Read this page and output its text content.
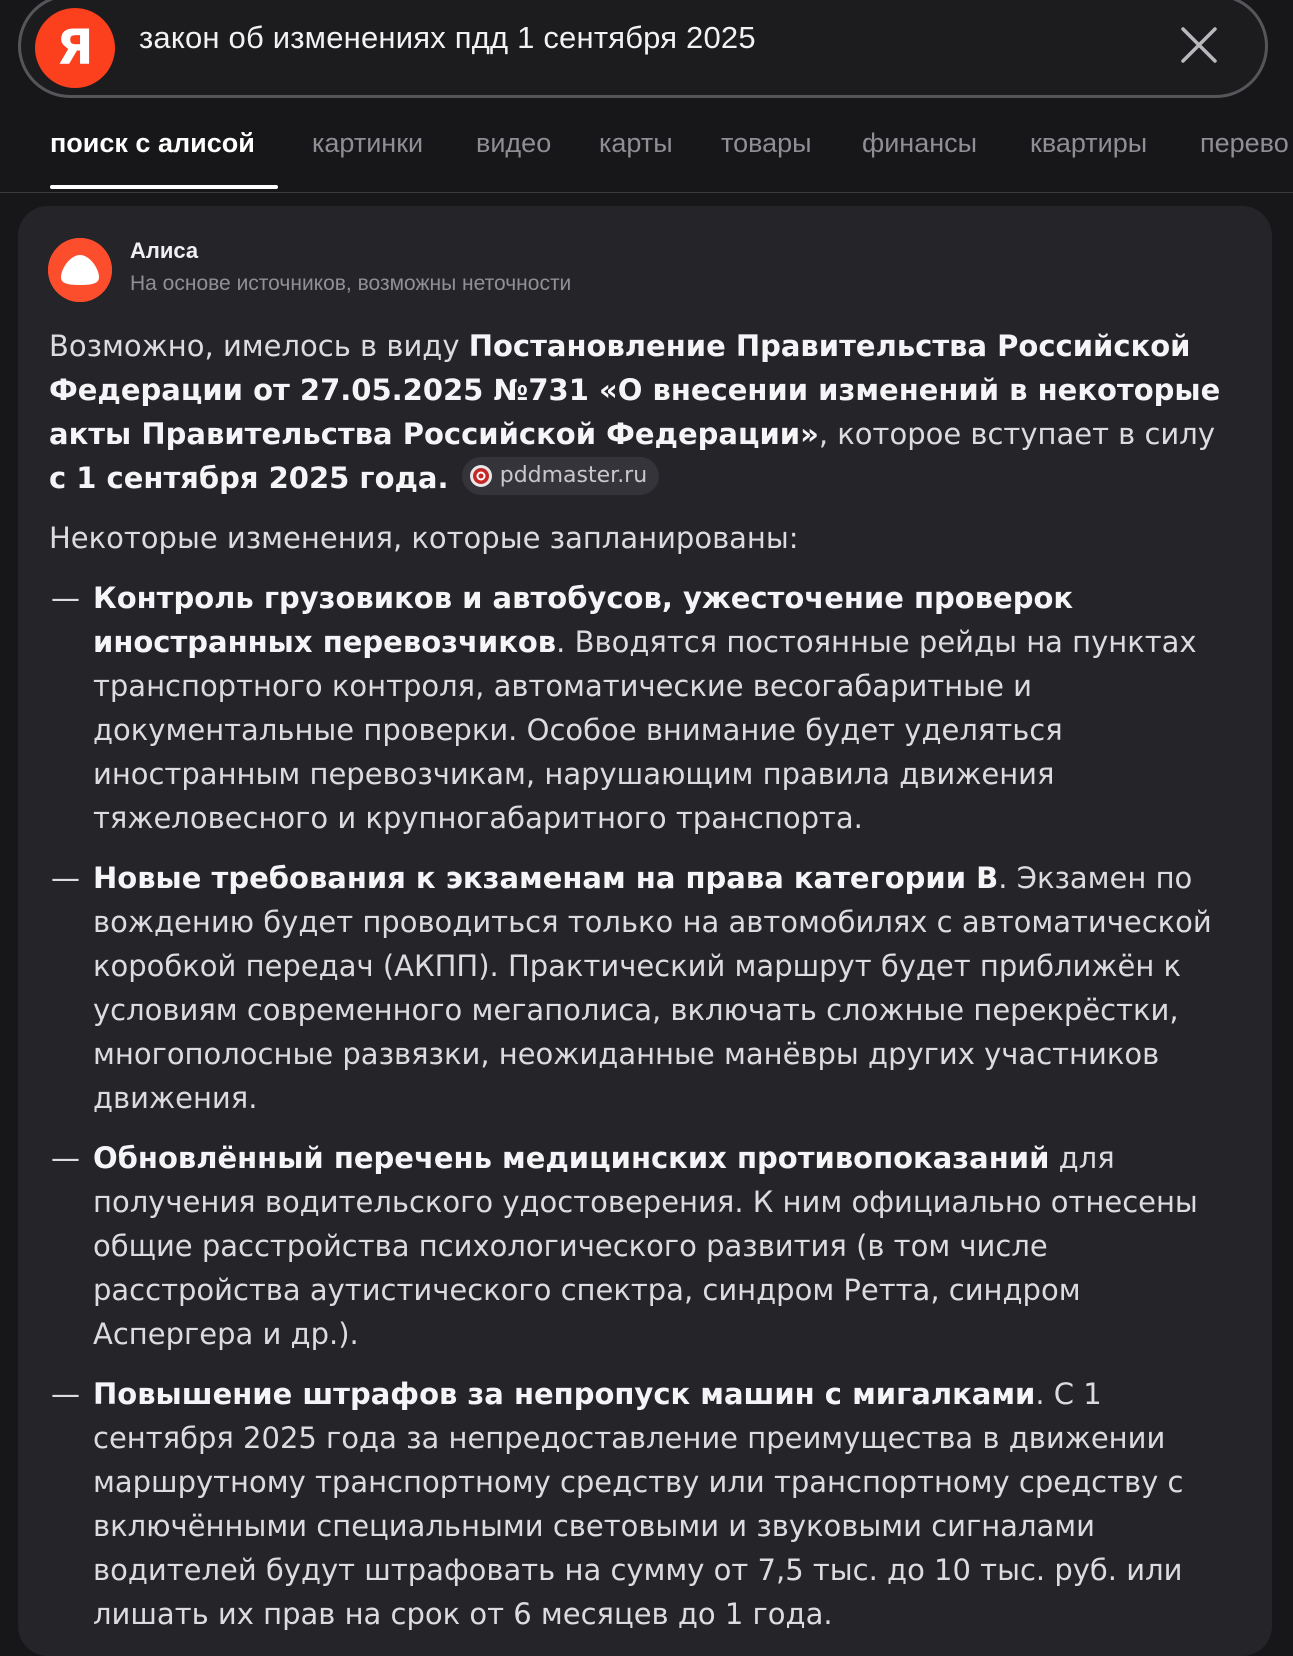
Я	закон об изменениях пдд 1 сентября 2025
поиск с алисой картинки видео карты товары финансы квартиры перево
Алиса
На основе источников, возможны неточности

Возможно, имелось в виду Постановление Правительства Российской Федерации от 27.05.2025 №731 «О внесении изменений в некоторые акты Правительства Российской Федерации», которое вступает в силу с 1 сентября 2025 года. pddmaster.ru

Некоторые изменения, которые запланированы:

— Контроль грузовиков и автобусов, ужесточение проверок иностранных перевозчиков. Вводятся постоянные рейды на пунктах транспортного контроля, автоматические весогабаритные и документальные проверки. Особое внимание будет уделяться иностранным перевозчикам, нарушающим правила движения тяжеловесного и крупногабаритного транспорта.
— Новые требования к экзаменам на права категории B. Экзамен по вождению будет проводиться только на автомобилях с автоматической коробкой передач (АКПП). Практический маршрут будет приближён к условиям современного мегаполиса, включать сложные перекрёстки, многополосные развязки, неожиданные манёвры других участников движения.
— Обновлённый перечень медицинских противопоказаний для получения водительского удостоверения. К ним официально отнесены общие расстройства психологического развития (в том числе расстройства аутистического спектра, синдром Ретта, синдром Аспергера и др.).
— Повышение штрафов за непропуск машин с мигалками. С 1 сентября 2025 года за непредоставление преимущества в движении маршрутному транспортному средству или транспортному средству с включёнными специальными световыми и звуковыми сигналами водителей будут штрафовать на сумму от 7,5 тыс. до 10 тыс. руб. или лишать их прав на срок от 6 месяцев до 1 года.
